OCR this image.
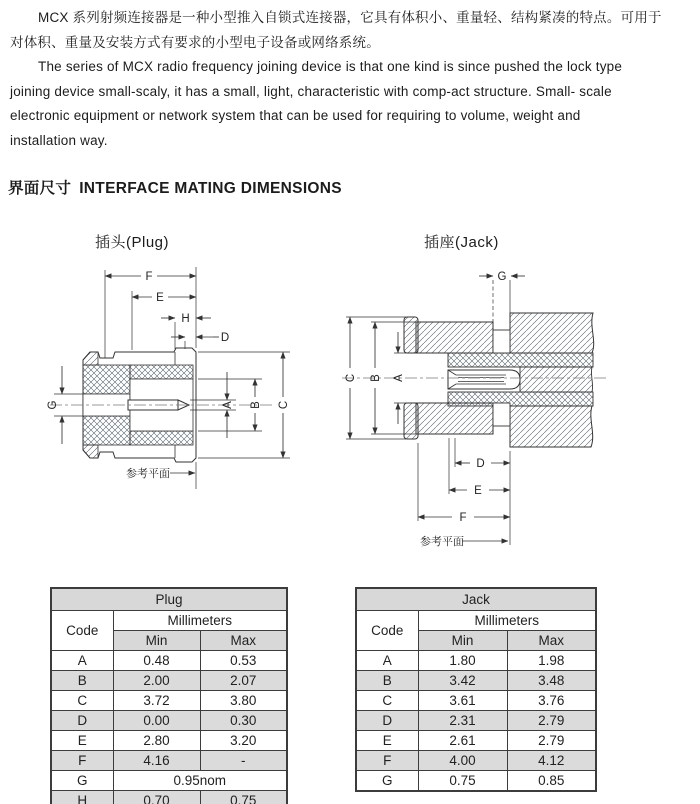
MCX 系列射频连接器是一种小型推入自锁式连接器，它具有体积小、重量轻、结构紧凑的特点。可用于
对体积、重量及安装方式有要求的小型电子设备或网络系统。
The series of MCX radio frequency joining device is that one kind is since pushed the lock type
joining device small-scaly, it has a small, light, characteristic with comp-act structure. Small- scale
electronic equipment or network system that can be used for requiring to volume, weight and
installation way.
界面尺寸 INTERFACE MATING DIMENSIONS
插头(Plug)	插座(Jack)
F
E
H
D
G	A B C
参考平面
G
C B A
D
E
F
参考平面
Plug		
Code	Millimeters	
	Min	Max
A	0.48	0.53
B	2.00	2.07
C	3.72	3.80
D	0.00	0.30
E	2.80	3.20
F	4.16	-
G	0.95nom	
H	0.70	0.75
Jack		
Code	Millimeters	
	Min	Max
A	1.80	1.98
B	3.42	3.48
C	3.61	3.76
D	2.31	2.79
E	2.61	2.79
F	4.00	4.12
G	0.75	0.85
